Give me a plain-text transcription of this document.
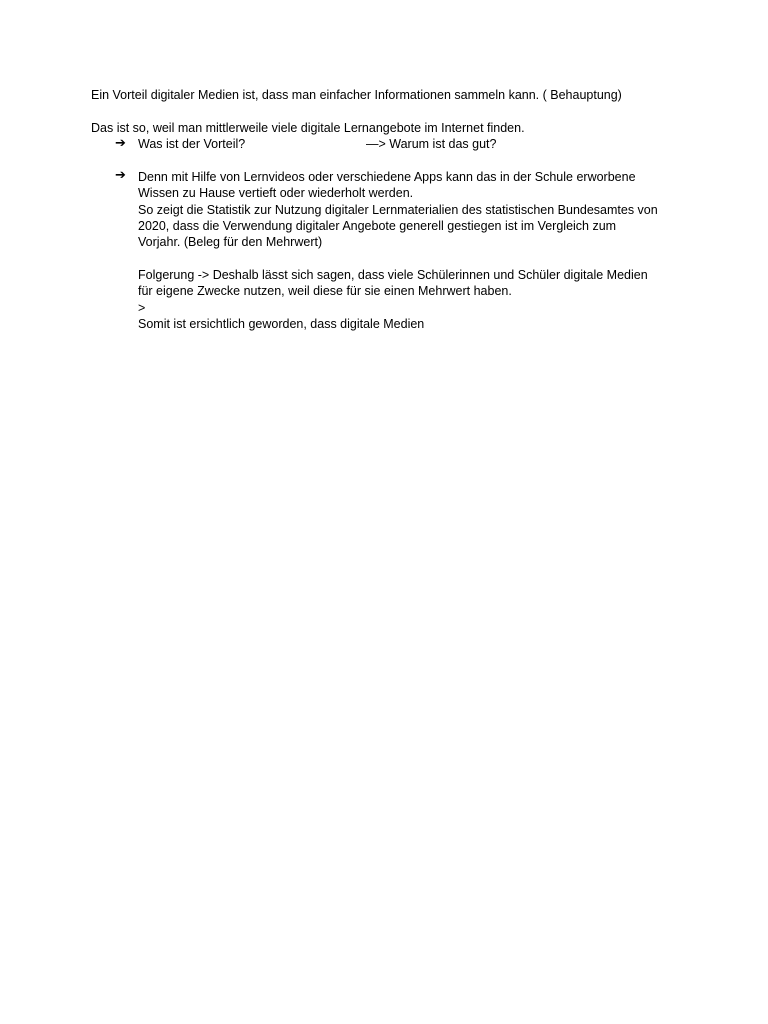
Ein Vorteil digitaler Medien ist, dass man einfacher Informationen sammeln kann. ( Behauptung)
Das ist so, weil man mittlerweile viele digitale Lernangebote im Internet finden.
➔ Was ist der Vorteil?	—> Warum ist das gut?
➔ Denn mit Hilfe von Lernvideos oder verschiedene Apps kann das in der Schule erworbene
Wissen zu Hause vertieft oder wiederholt werden.
So zeigt die Statistik zur Nutzung digitaler Lernmaterialien des statistischen Bundesamtes von
2020, dass die Verwendung digitaler Angebote generell gestiegen ist im Vergleich zum
Vorjahr. (Beleg für den Mehrwert)
Folgerung -> Deshalb lässt sich sagen, dass viele Schülerinnen und Schüler digitale Medien
für eigene Zwecke nutzen, weil diese für sie einen Mehrwert haben.
>
Somit ist ersichtlich geworden, dass digitale Medien
